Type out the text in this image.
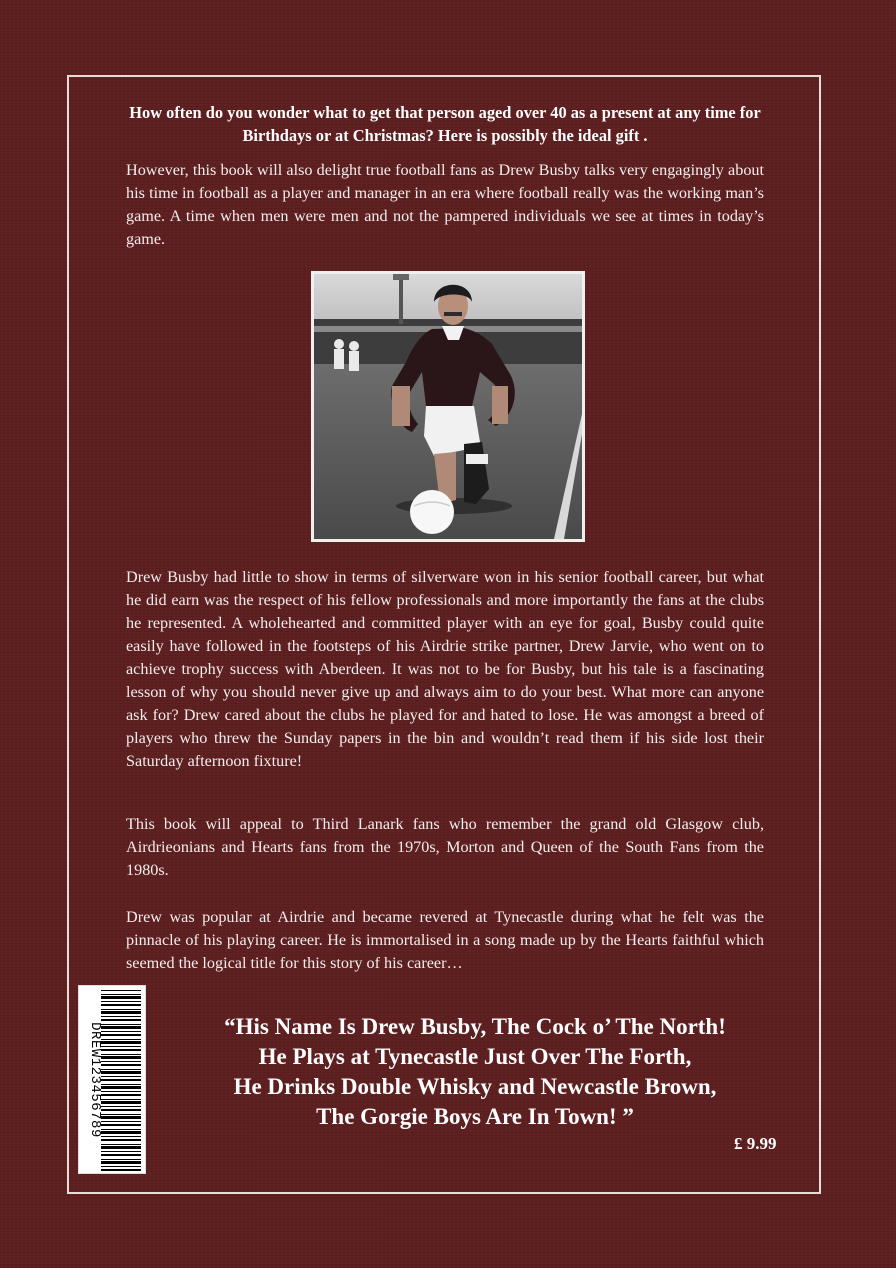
How often do you wonder what to get that person aged over 40 as a present at any time for Birthdays or at Christmas? Here is possibly the ideal gift .
However, this book will also delight true football fans as Drew Busby talks very engagingly about his time in football as a player and manager in an era where football really was the working man’s game. A time when men were men and not the pampered individuals we see at times in today’s game.
Drew Busby had little to show in terms of silverware won in his senior football career, but what he did earn was the respect of his fellow professionals and more importantly the fans at the clubs he represented. A wholehearted and committed player with an eye for goal, Busby could quite easily have followed in the footsteps of his Airdrie strike partner, Drew Jarvie, who went on to achieve trophy success with Aberdeen. It was not to be for Busby, but his tale is a fascinating lesson of why you should never give up and always aim to do your best. What more can anyone ask for? Drew cared about the clubs he played for and hated to lose. He was amongst a breed of players who threw the Sunday papers in the bin and wouldn’t read them if his side lost their Saturday afternoon fixture!
This book will appeal to Third Lanark fans who remember the grand old Glasgow club, Airdrieonians and Hearts fans from the 1970s, Morton and Queen of the South Fans from the 1980s.
Drew was popular at Airdrie and became revered at Tynecastle during what he felt was the pinnacle of his playing career. He is immortalised in a song made up by the Hearts faithful which seemed the logical title for this story of his career…
DREW123456789	“His Name Is Drew Busby, The Cock o’ The North!
He Plays at Tynecastle Just Over The Forth,
He Drinks Double Whisky and Newcastle Brown,
The Gorgie Boys Are In Town! ”
£ 9.99
